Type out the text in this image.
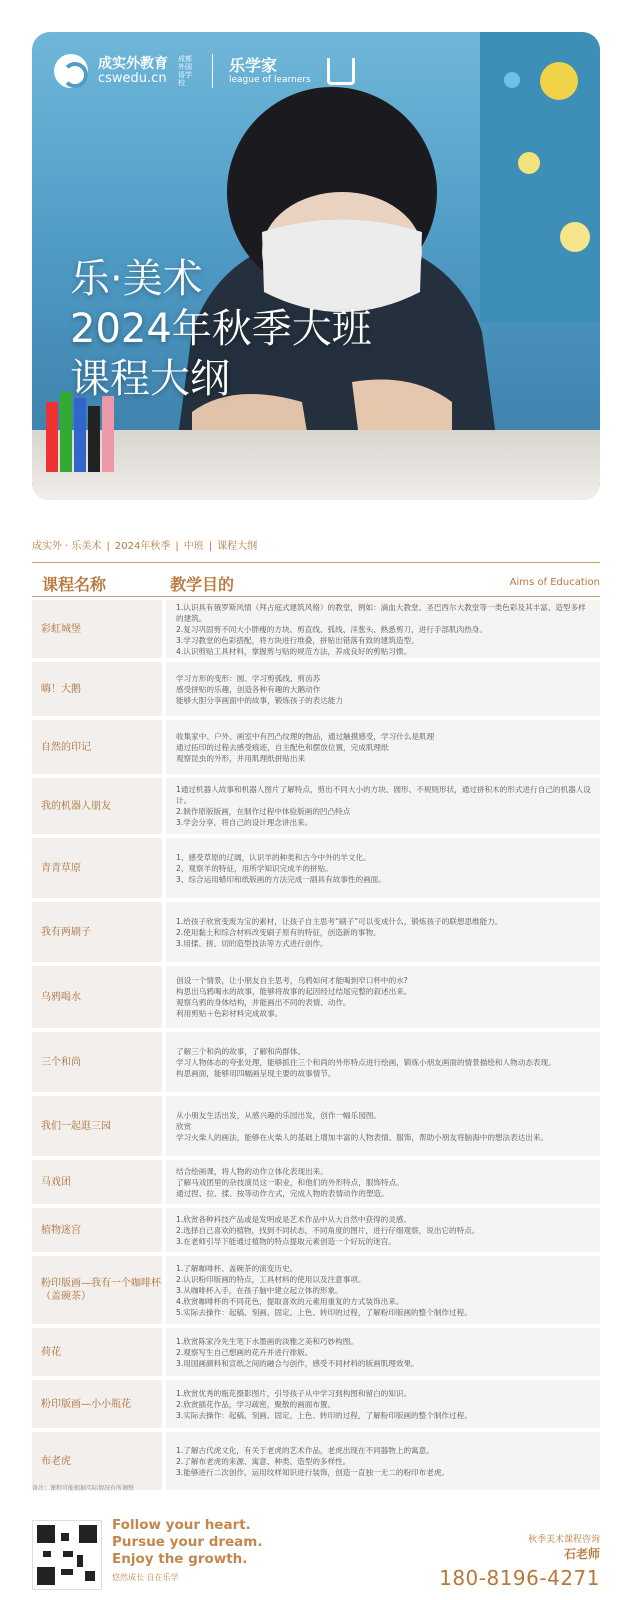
成实外教育
cswedu.cn
成都外国语学校
乐学家
league of learners
乐·美术
2024年秋季大班
课程大纲
成实外 · 乐美术 | 2024年秋季 | 中班 | 课程大纲
课程名称	教学目的	Aims of Education
彩虹城堡
1.认识具有俄罗斯风情（拜占庭式建筑风格）的教堂，例如：滴血大教堂、圣巴西尔大教堂等一类色彩及其丰富、造型多样的建筑。
2.复习巩固剪不同大小胖瘦的方块、剪直线、弧线、洋葱头、熟悉剪刀，进行手部肌肉热身。
3.学习教堂的色彩搭配，将方块进行堆叠，拼贴出错落有致的建筑造型。
4.认识剪贴工具材料，掌握剪与贴的规范方法，养成良好的剪贴习惯。
嗨！大鹅
学习方形的变形：圆、学习剪弧线、剪齿苏
感受拼贴的乐趣，创造各种有趣的大鹅动作
能够大胆分享画面中的故事，锻炼孩子的表达能力
自然的印记
收集家中、户外、画室中有凹凸纹理的物品，通过触摸感受，学习什么是肌理
通过拓印的过程去感受痕迹，自主配色和摆放位置，完成肌理纸
观察昆虫的外形，并用肌理纸拼贴出来
我的机器人朋友
1通过机器人故事和机器人图片了解特点，剪出不同大小的方块、圆形、不规则形状，通过拼积木的形式进行自己的机器人设计。
2.制作原版版画，在制作过程中体验版画的凹凸特点
3.学会分享，将自己的设计理念讲出来。
青青草原
1、感受草原的辽阔，认识羊的种类和古今中外的羊文化。
2、观察羊的特征，用所学知识完成羊的拼贴。
3、综合运用蜡印和纸版画的方法完成一副具有故事性的画面。
我有两刷子
1.给孩子欣赏变废为宝的素材，让孩子自主思考“刷子”可以变成什么，锻炼孩子的联想思维能力。
2.使用黏土和综合材料改变刷子原有的特征，创造新的事物。
3.用揉、搓、切的造型技法等方式进行创作。
乌鸦喝水
创设一个情景，让小朋友自主思考，乌鸦如何才能喝到窄口杯中的水?
构思出乌鸦喝水的故事，能够将故事的起因经过结尾完整的叙述出来。
观察乌鸦的身体结构，并能画出不同的表情、动作。
利用剪贴＋色彩材料完成故事。
三个和尚
了解三个和尚的故事，了解和尚群体。
学习人物体态的夸张处理，能够抓住三个和尚的外形特点进行绘画，锻炼小朋友画面的情景描绘和人物动态表现。
构思画面，能够用四幅画呈现主要的故事情节。
我们一起逛三园
从小朋友生活出发，从感兴趣的乐园出发，创作一幅乐园图。
欣赏
学习火柴人的画法，能够在火柴人的基础上增加丰富的人物表情、服饰，帮助小朋友将脑海中的想法表达出来。
马戏团
结合绘画课，将人物的动作立体化表现出来。
了解马戏团里的杂技演员这一职业，和他们的外形特点，服饰特点。
通过捏、拉、揉、按等动作方式，完成人物的表情动作的塑造。
植物迷宫
1.欣赏各种科技产品或是发明或是艺术作品中从大自然中获得的灵感。
2.选择自己喜欢的植物，找到不同状态，不同角度的图片，进行仔细观察，说出它的特点。
3.在老师引导下能通过植物的特点提取元素创造一个好玩的迷宫。
粉印版画—我有一个咖啡杯（盖碗茶）
1.了解咖啡杯、盖碗茶的演变历史。
2.认识粉印版画的特点，工具材料的使用以及注意事项。
3.从咖啡杯入手，在孩子脑中建立起立体的形象。
4.欣赏咖啡杯的不同花色，提取喜欢的元素用重复的方式装饰出来。
5.实际去操作：起稿、刻画、固定、上色、转印的过程，了解粉印版画的整个制作过程。
荷花
1.欣赏陈家泠先生笔下水墨画的淡雅之美和巧妙构图。
2.观察写生自己想画的花卉并进行排版。
3.用国画颜料和宣纸之间的融合与创作，感受不同材料的版画肌理效果。
粉印版画—小小瓶花
1.欣赏优秀的瓶花摄影图片，引导孩子从中学习到构图和留白的知识。
2.欣赏插花作品，学习疏密，聚散的画面布置。
3.实际去操作：起稿、刻画、固定、上色、转印的过程，了解粉印版画的整个制作过程。
布老虎
1.了解古代虎文化，有关于老虎的艺术作品，老虎出现在不同器物上的寓意。
2.了解布老虎的来源、寓意、种类、造型的多样性。
3.能够进行二次创作，运用纹样知识进行装饰，创造一直独一无二的粉印布老虎。
备注：课程可能根据实际情况有所调整
Follow your heart.
Pursue your dream.
Enjoy the growth.
悠然成长 自在乐学
秋季美术课程咨询
石老师
180-8196-4271
